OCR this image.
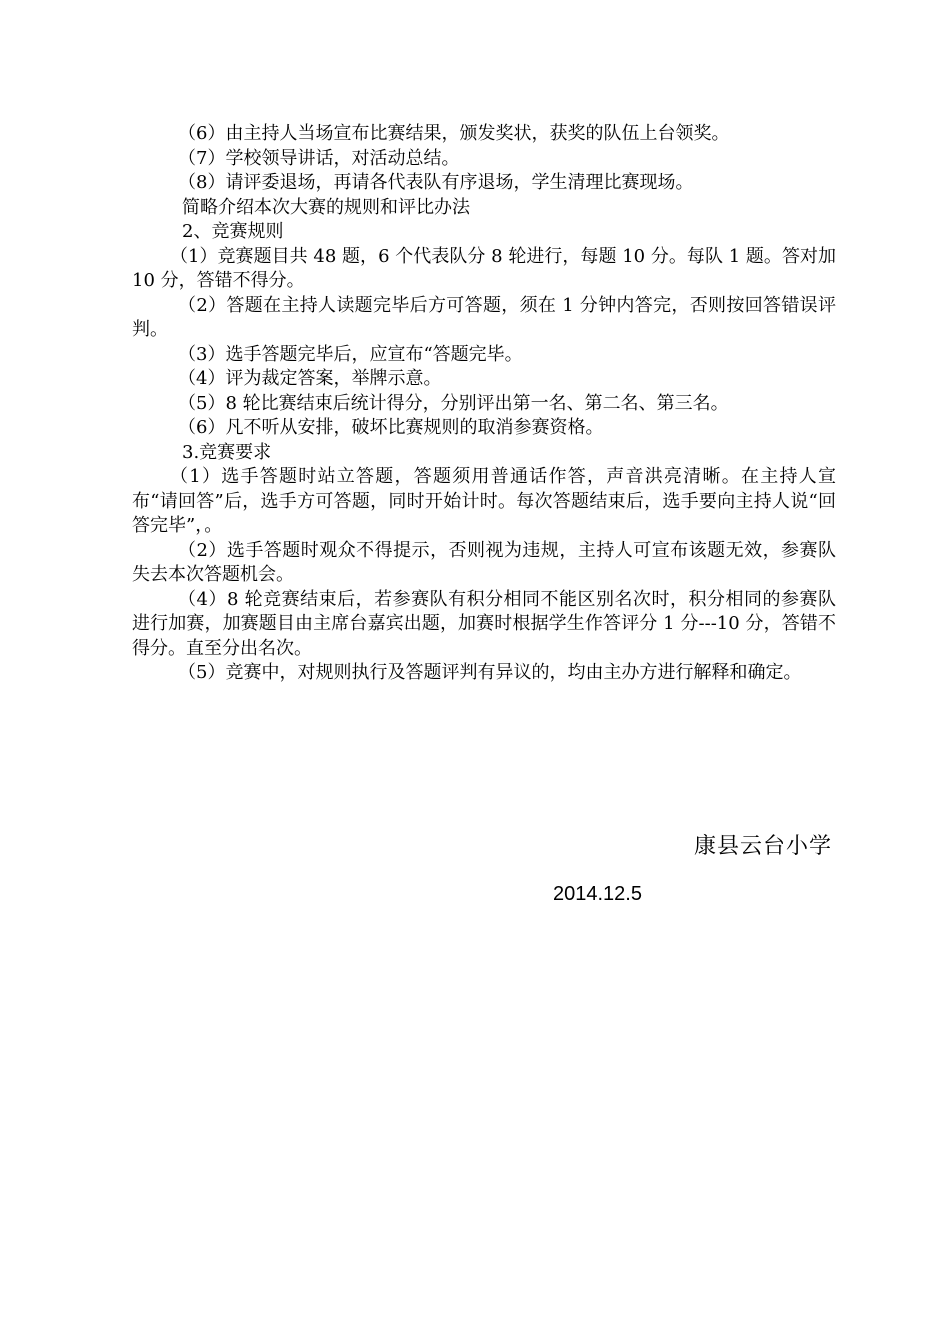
（6）由主持人当场宣布比赛结果，颁发奖状，获奖的队伍上台领奖。

（7）学校领导讲话，对活动总结。

（8）请评委退场，再请各代表队有序退场，学生清理比赛现场。

简略介绍本次大赛的规则和评比办法

2、竞赛规则

（1）竞赛题目共 48 题，6 个代表队分 8 轮进行，每题 10 分。每队 1 题。答对加 10 分，答错不得分。

（2）答题在主持人读题完毕后方可答题，须在 1 分钟内答完，否则按回答错误评判。

（3）选手答题完毕后，应宣布“答题完毕。

（4）评为裁定答案，举牌示意。

（5）8 轮比赛结束后统计得分，分别评出第一名、第二名、第三名。

（6）凡不听从安排，破坏比赛规则的取消参赛资格。

3.竞赛要求

（1）选手答题时站立答题，答题须用普通话作答，声音洪亮清晰。在主持人宣布“请回答”后，选手方可答题，同时开始计时。每次答题结束后，选手要向主持人说“回答完毕”，。

（2）选手答题时观众不得提示，否则视为违规，主持人可宣布该题无效，参赛队失去本次答题机会。

（4）8 轮竞赛结束后，若参赛队有积分相同不能区别名次时，积分相同的参赛队进行加赛，加赛题目由主席台嘉宾出题，加赛时根据学生作答评分 1 分---10 分，答错不得分。直至分出名次。

（5）竞赛中，对规则执行及答题评判有异议的，均由主办方进行解释和确定。

康县云台小学
2014.12.5
